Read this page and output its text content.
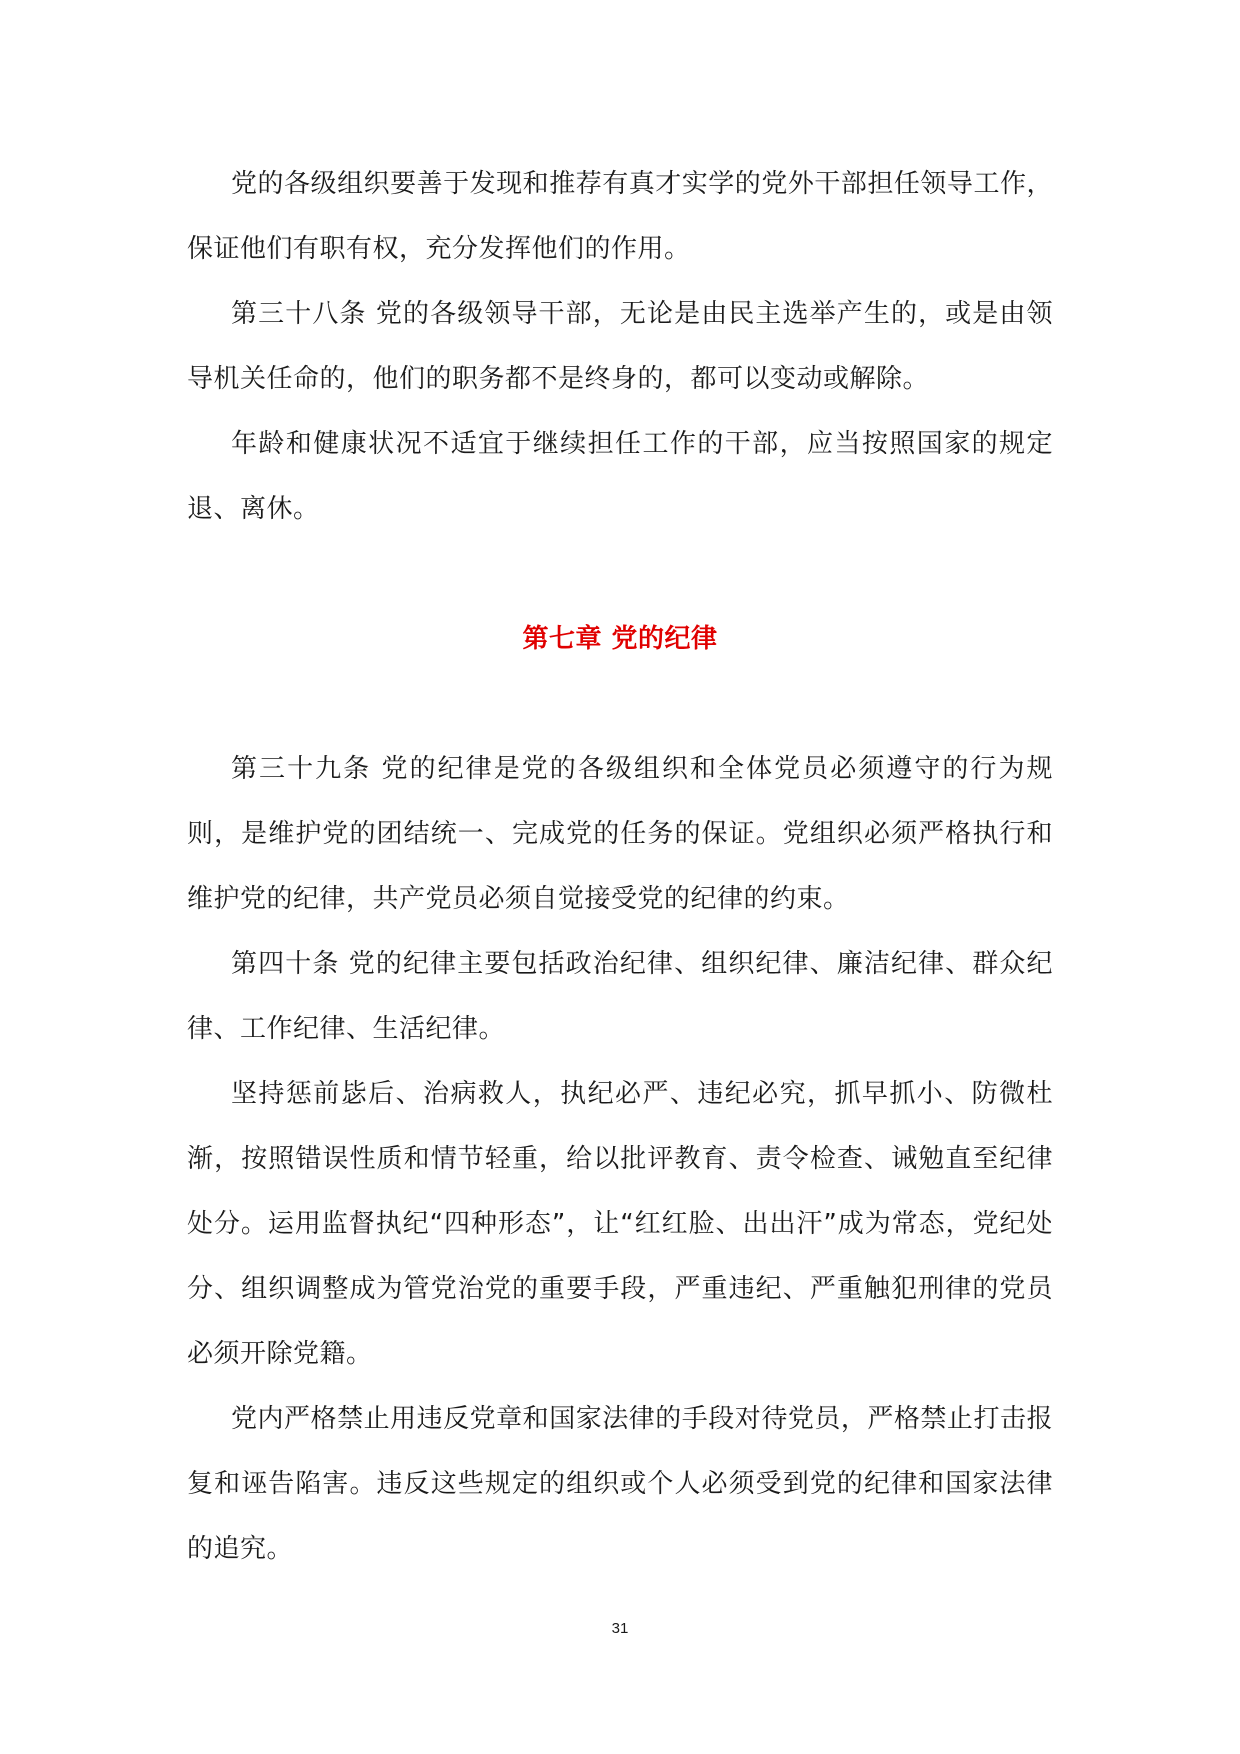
党的各级组织要善于发现和推荐有真才实学的党外干部担任领导工作，保证他们有职有权，充分发挥他们的作用。

第三十八条 党的各级领导干部，无论是由民主选举产生的，或是由领导机关任命的，他们的职务都不是终身的，都可以变动或解除。

年龄和健康状况不适宜于继续担任工作的干部，应当按照国家的规定退、离休。

第七章 党的纪律

第三十九条 党的纪律是党的各级组织和全体党员必须遵守的行为规则，是维护党的团结统一、完成党的任务的保证。党组织必须严格执行和维护党的纪律，共产党员必须自觉接受党的纪律的约束。

第四十条 党的纪律主要包括政治纪律、组织纪律、廉洁纪律、群众纪律、工作纪律、生活纪律。

坚持惩前毖后、治病救人，执纪必严、违纪必究，抓早抓小、防微杜渐，按照错误性质和情节轻重，给以批评教育、责令检查、诫勉直至纪律处分。运用监督执纪“四种形态”，让“红红脸、出出汗”成为常态，党纪处分、组织调整成为管党治党的重要手段，严重违纪、严重触犯刑律的党员必须开除党籍。

党内严格禁止用违反党章和国家法律的手段对待党员，严格禁止打击报复和诬告陷害。违反这些规定的组织或个人必须受到党的纪律和国家法律的追究。

31
